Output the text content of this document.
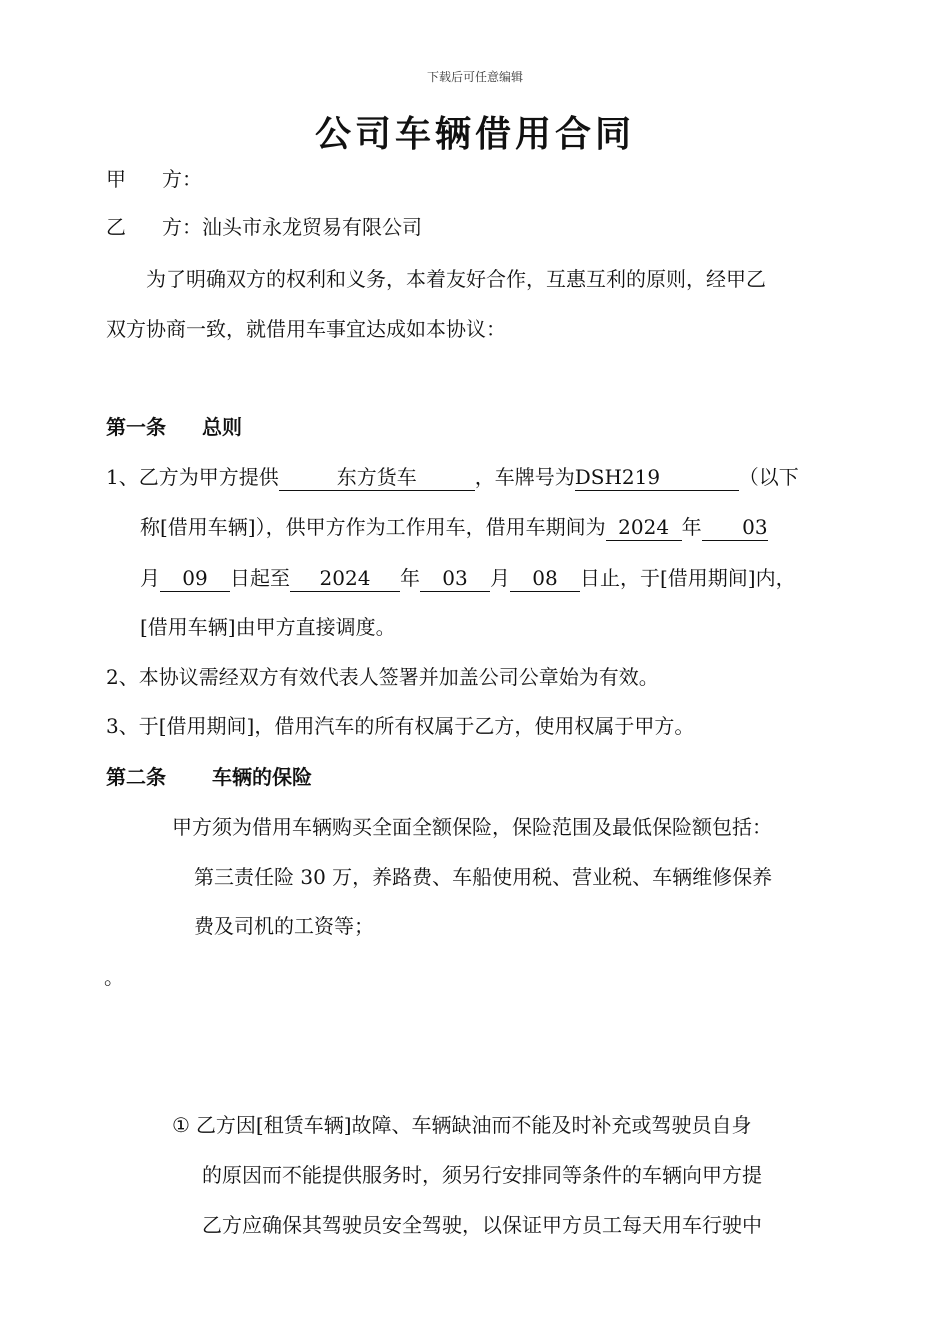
下载后可任意编辑
公司车辆借用合同
甲 方：
乙 方：汕头市永龙贸易有限公司
为了明确双方的权利和义务，本着友好合作，互惠互利的原则，经甲乙
双方协商一致，就借用车事宜达成如本协议：
第一条 总则
1、乙方为甲方提供	东方货车	，车牌号为DSH219	（以下
称[借用车辆]），供甲方作为工作用车，借用车期间为 2024 年 03
月 09 日起至 2024 年 03 月 08 日止，于[借用期间]内，
[借用车辆]由甲方直接调度。
2、本协议需经双方有效代表人签署并加盖公司公章始为有效。
3、于[借用期间]，借用汽车的所有权属于乙方，使用权属于甲方。
第二条 车辆的保险
甲方须为借用车辆购买全面全额保险，保险范围及最低保险额包括：
第三责任险 30 万，养路费、车船使用税、营业税、车辆维修保养
费及司机的工资等；
。
① 乙方因[租赁车辆]故障、车辆缺油而不能及时补充或驾驶员自身
的原因而不能提供服务时，须另行安排同等条件的车辆向甲方提
乙方应确保其驾驶员安全驾驶，以保证甲方员工每天用车行驶中
